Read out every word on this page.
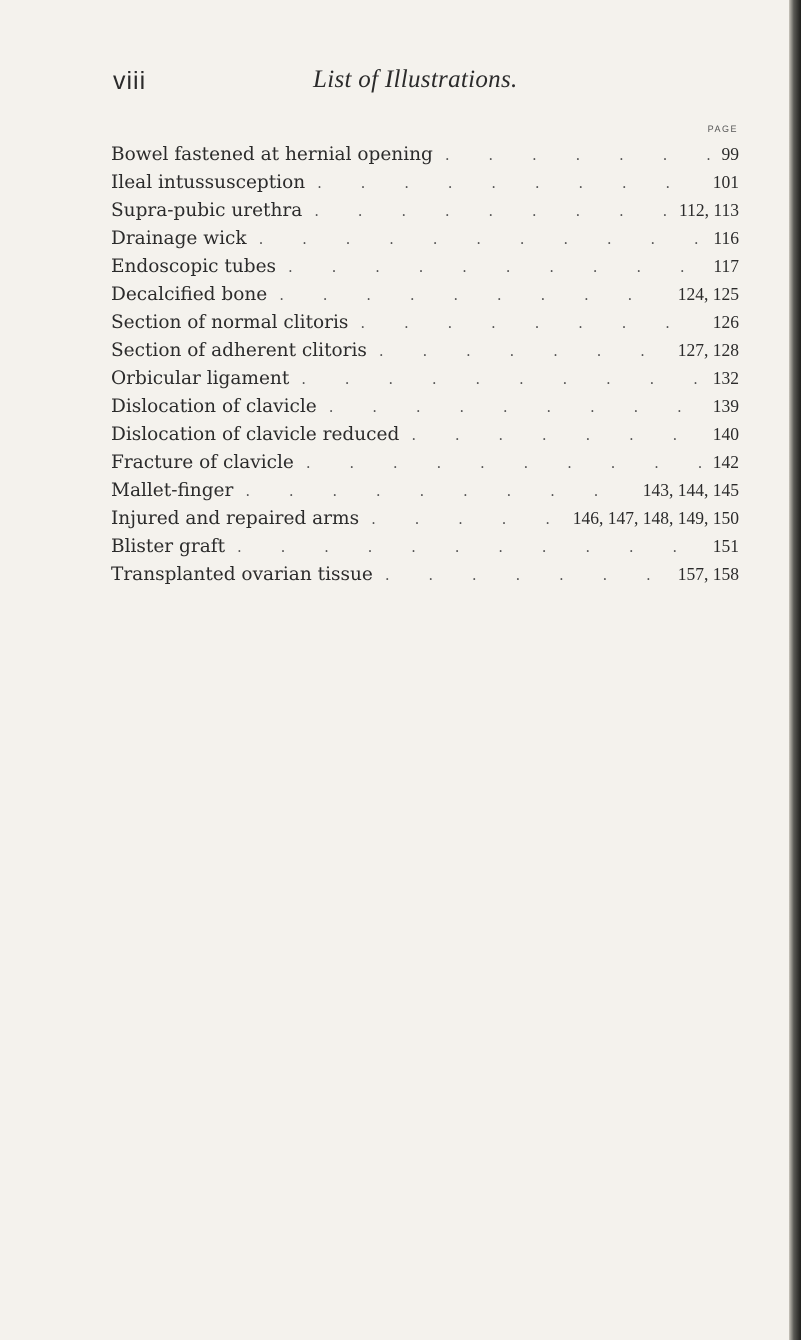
viii	List of Illustrations.
PAGE
Bowel fastened at hernial opening . . .	99
Ileal intussusception . . .	101
Supra-pubic urethra . . .	112, 113
Drainage wick . . .	116
Endoscopic tubes . . .	117
Decalcified bone . . .	124, 125
Section of normal clitoris . . .	126
Section of adherent clitoris . . .	127, 128
Orbicular ligament . . .	132
Dislocation of clavicle . . .	139
Dislocation of clavicle reduced . . .	140
Fracture of clavicle . . .	142
Mallet-finger . . .	143, 144, 145
Injured and repaired arms . . .	146, 147, 148, 149, 150
Blister graft . . .	151
Transplanted ovarian tissue . . .	157, 158
